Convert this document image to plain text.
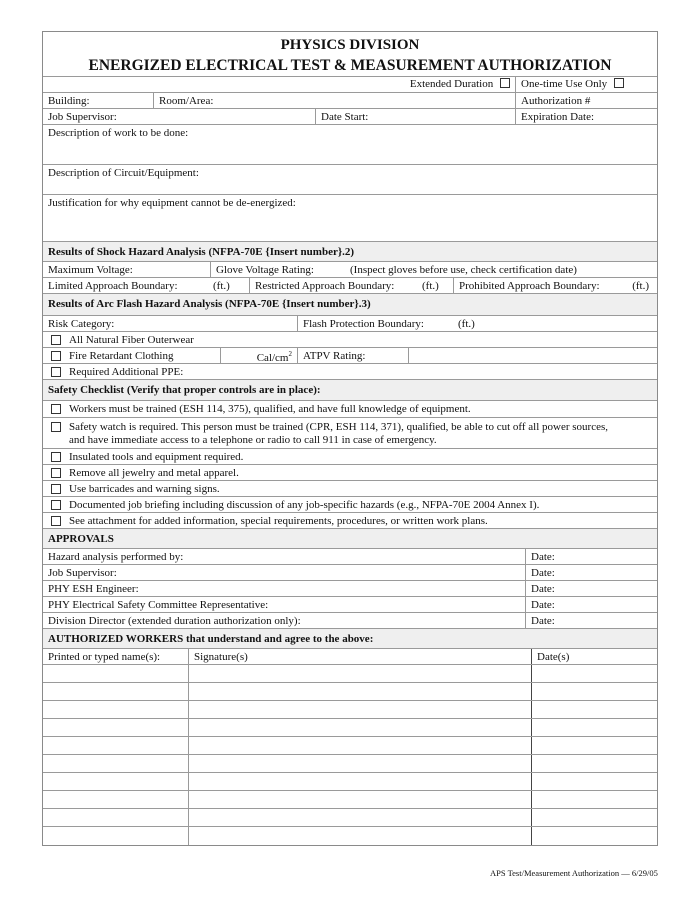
PHYSICS DIVISION
ENERGIZED ELECTRICAL TEST & MEASUREMENT AUTHORIZATION
Extended Duration	One-time Use Only
Building:	Room/Area:	Authorization #
Job Supervisor:	Date Start:	Expiration Date:
Description of work to be done:
Description of Circuit/Equipment:
Justification for why equipment cannot be de-energized:
Results of Shock Hazard Analysis (NFPA-70E {Insert number}.2)
Maximum Voltage:	Glove Voltage Rating:	(Inspect gloves before use, check certification date)
Limited Approach Boundary:	(ft.)	Restricted Approach Boundary:	(ft.)	Prohibited Approach Boundary:	(ft.)
Results of Arc Flash Hazard Analysis (NFPA-70E {Insert number}.3)
Risk Category:	Flash Protection Boundary:	(ft.)
All Natural Fiber Outerwear
Fire Retardant Clothing	Cal/$cm^2$	ATPV Rating:
Required Additional PPE:
Safety Checklist (Verify that proper controls are in place):
Workers must be trained (ESH 114, 375), qualified, and have full knowledge of equipment.
Safety watch is required. This person must be trained (CPR, ESH 114, 371), qualified, be able to cut off all power sources,
and have immediate access to a telephone or radio to call 911 in case of emergency.
Insulated tools and equipment required.
Remove all jewelry and metal apparel.
Use barricades and warning signs.
Documented job briefing including discussion of any job-specific hazards (e.g., NFPA-70E 2004 Annex I).
See attachment for added information, special requirements, procedures, or written work plans.
APPROVALS
Hazard analysis performed by:	Date:
Job Supervisor:	Date:
PHY ESH Engineer:	Date:
PHY Electrical Safety Committee Representative:	Date:
Division Director (extended duration authorization only):	Date:
AUTHORIZED WORKERS that understand and agree to the above:
Printed or typed name(s):	Signature(s)	Date(s)
APS Test/Measurement Authorization — 6/29/05
